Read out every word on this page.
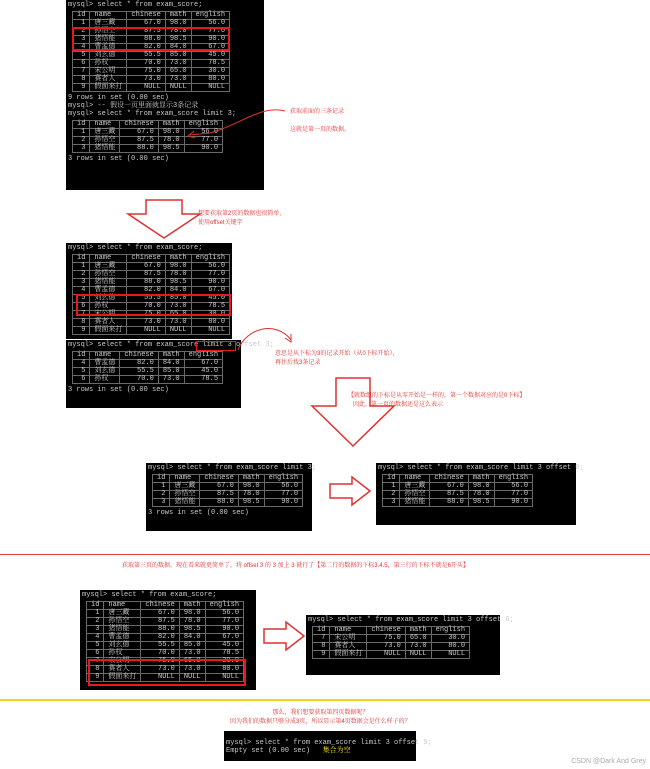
mysql> select * from exam_score;
id	name	chinese	math	english
1	唐三藏	67.0	98.0	56.0
2	孙悟空	87.5	78.0	77.0
3	猪悟能	88.0	98.5	90.0
4	曹孟德	82.0	84.0	67.0
5	刘玄德	55.5	85.0	45.0
6	孙权	70.0	73.0	78.5
7	宋公明	75.0	65.0	30.0
8	赛者人	73.0	73.0	80.0
9	假面来打	NULL	NULL	NULL
9 rows in set (0.00 sec)
mysql> -- 假设一页里面就显示3条记录
mysql> select * from exam_score limit 3;
id	name	chinese	math	english
1	唐三藏	67.0	98.0	56.0
2	孙悟空	87.5	78.0	77.0
3	猪悟能	88.0	98.5	90.0
3 rows in set (0.00 sec)
获取前面的三条记录

这就是第一页的数据。
想要获取第2页的数据也很简单,
使用offset关键字
mysql> select * from exam_score;
id	name	chinese	math	english
1	唐三藏	67.0	98.0	56.0
2	孙悟空	87.5	78.0	77.0
3	猪悟能	88.0	98.5	90.0
4	曹孟德	82.0	84.0	67.0
5	刘玄德	55.5	85.0	45.0
6	孙权	70.0	73.0	78.5
7	宋公明	75.0	65.0	30.0
8	赛者人	73.0	73.0	80.0
9	假面来打	NULL	NULL	NULL
mysql> select * from exam_score limit 3 offset 3;
id	name	chinese	math	english
4	曹孟德	82.0	84.0	67.0
5	刘玄德	55.5	85.0	45.0
6	孙权	70.0	73.0	78.5
3 rows in set (0.00 sec)
意思是从下标为3的记录开始（从0下标开始），
再往后找3条记录
【就数组的下标是从零开始是一样的，第一个数据对应的是0下标】
因此，第一页的数据还是这么表示
mysql> select * from exam_score limit 3;
id	name	chinese	math	english
1	唐三藏	67.0	98.0	56.0
2	孙悟空	87.5	78.0	77.0
3	猪悟能	88.0	98.5	90.0
3 rows in set (0.00 sec)
mysql> select * from exam_score limit 3 offset 0;
id	name	chinese	math	english
1	唐三藏	67.0	98.0	56.0
2	孙悟空	87.5	78.0	77.0
3	猪悟能	88.0	98.5	90.0
获取第三页的数据。现在看来就更简单了。将 offset 3 的 3 加上 3 就行了【第二行的数据的下标3.4.5，第三行的下标不就是6开头】
mysql> select * from exam_score;
id	name	chinese	math	english
1	唐三藏	67.0	98.0	56.0
2	孙悟空	87.5	78.0	77.0
3	猪悟能	88.0	98.5	90.0
4	曹孟德	82.0	84.0	67.0
5	刘玄德	55.5	85.0	45.0
6	孙权	70.0	73.0	78.5
7	宋公明	75.0	65.0	30.0
8	赛者人	73.0	73.0	80.0
9	假面来打	NULL	NULL	NULL
mysql> select * from exam_score limit 3 offset 6;
id	name	chinese	math	english
7	宋公明	75.0	65.0	30.0
8	赛者人	73.0	73.0	80.0
9	假面来打	NULL	NULL	NULL
那么，我们想要获取第四页数据呢？
因为我们的数据只够分成3页，所以显示第4页数据会是什么样子的？
mysql> select * from exam_score limit 3 offset 9;
Empty set (0.00 sec) 集合为空
CSDN @Dark And Grey
